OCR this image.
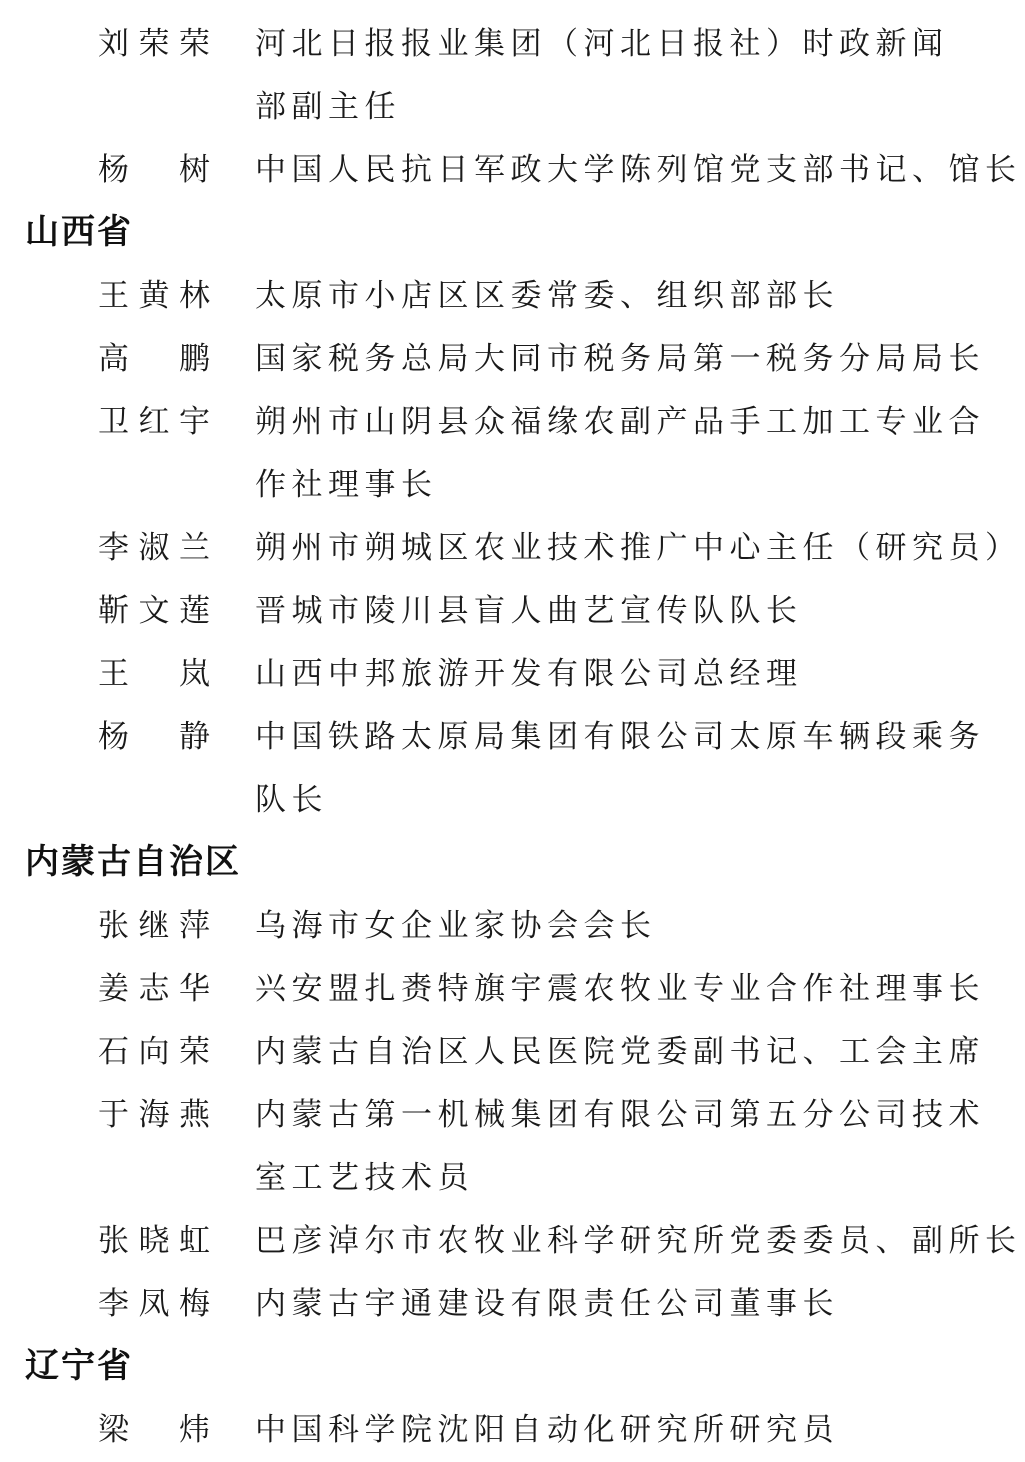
刘荣荣 河北日报报业集团（河北日报社）时政新闻
部副主任
杨树 中国人民抗日军政大学陈列馆党支部书记、馆长
山西省
王黄林 太原市小店区区委常委、组织部部长
高鹏 国家税务总局大同市税务局第一税务分局局长
卫红宇 朔州市山阴县众福缘农副产品手工加工专业合
作社理事长
李淑兰 朔州市朔城区农业技术推广中心主任（研究员）
靳文莲 晋城市陵川县盲人曲艺宣传队队长
王岚 山西中邦旅游开发有限公司总经理
杨静 中国铁路太原局集团有限公司太原车辆段乘务
队长
内蒙古自治区
张继萍 乌海市女企业家协会会长
姜志华 兴安盟扎赉特旗宇震农牧业专业合作社理事长
石向荣 内蒙古自治区人民医院党委副书记、工会主席
于海燕 内蒙古第一机械集团有限公司第五分公司技术
室工艺技术员
张晓虹 巴彦淖尔市农牧业科学研究所党委委员、副所长
李凤梅 内蒙古宇通建设有限责任公司董事长
辽宁省
梁炜 中国科学院沈阳自动化研究所研究员
